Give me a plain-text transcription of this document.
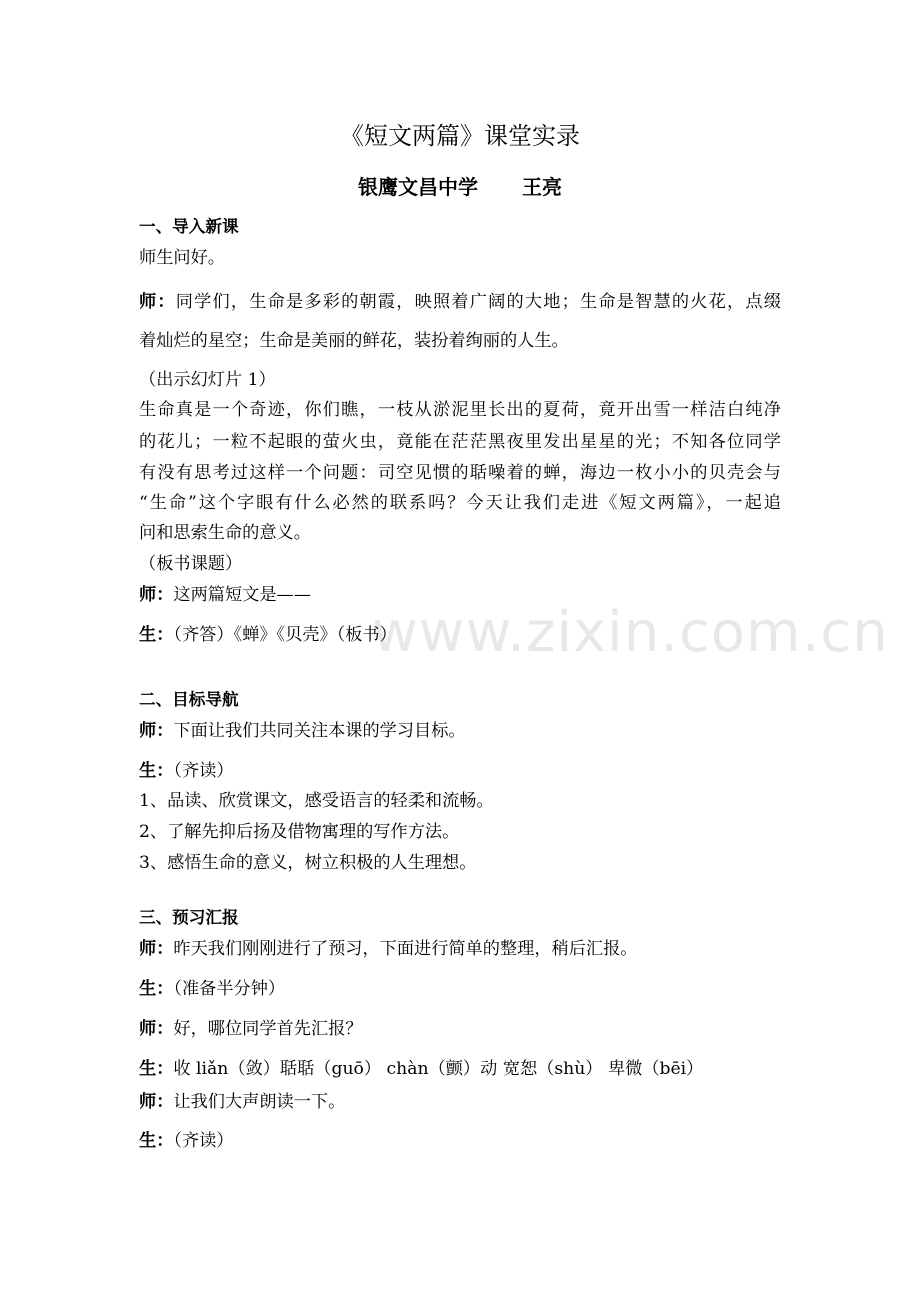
www.zixin.com.cn
《短文两篇》课堂实录
银鹰文昌中学 王亮
一、导入新课
师生问好。
师：同学们，生命是多彩的朝霞，映照着广阔的大地；生命是智慧的火花，点缀
着灿烂的星空；生命是美丽的鲜花，装扮着绚丽的人生。
（出示幻灯片 1）
生命真是一个奇迹，你们瞧，一枝从淤泥里长出的夏荷，竟开出雪一样洁白纯净
的花儿；一粒不起眼的萤火虫，竟能在茫茫黑夜里发出星星的光；不知各位同学
有没有思考过这样一个问题：司空见惯的聒噪着的蝉，海边一枚小小的贝壳会与
“生命”这个字眼有什么必然的联系吗？今天让我们走进《短文两篇》，一起追
问和思索生命的意义。
（板书课题）
师：这两篇短文是——
生：（齐答）《蝉》《贝壳》（板书）
二、目标导航
师：下面让我们共同关注本课的学习目标。
生：（齐读）
1、品读、欣赏课文，感受语言的轻柔和流畅。
2、了解先抑后扬及借物寓理的写作方法。
3、感悟生命的意义，树立积极的人生理想。
三、预习汇报
师：昨天我们刚刚进行了预习，下面进行简单的整理，稍后汇报。
生：（准备半分钟）
师：好，哪位同学首先汇报？
生：收 liǎn（敛）聒聒（guō） chàn（颤）动 宽恕（shù） 卑微（bēi）
师：让我们大声朗读一下。
生：（齐读）
